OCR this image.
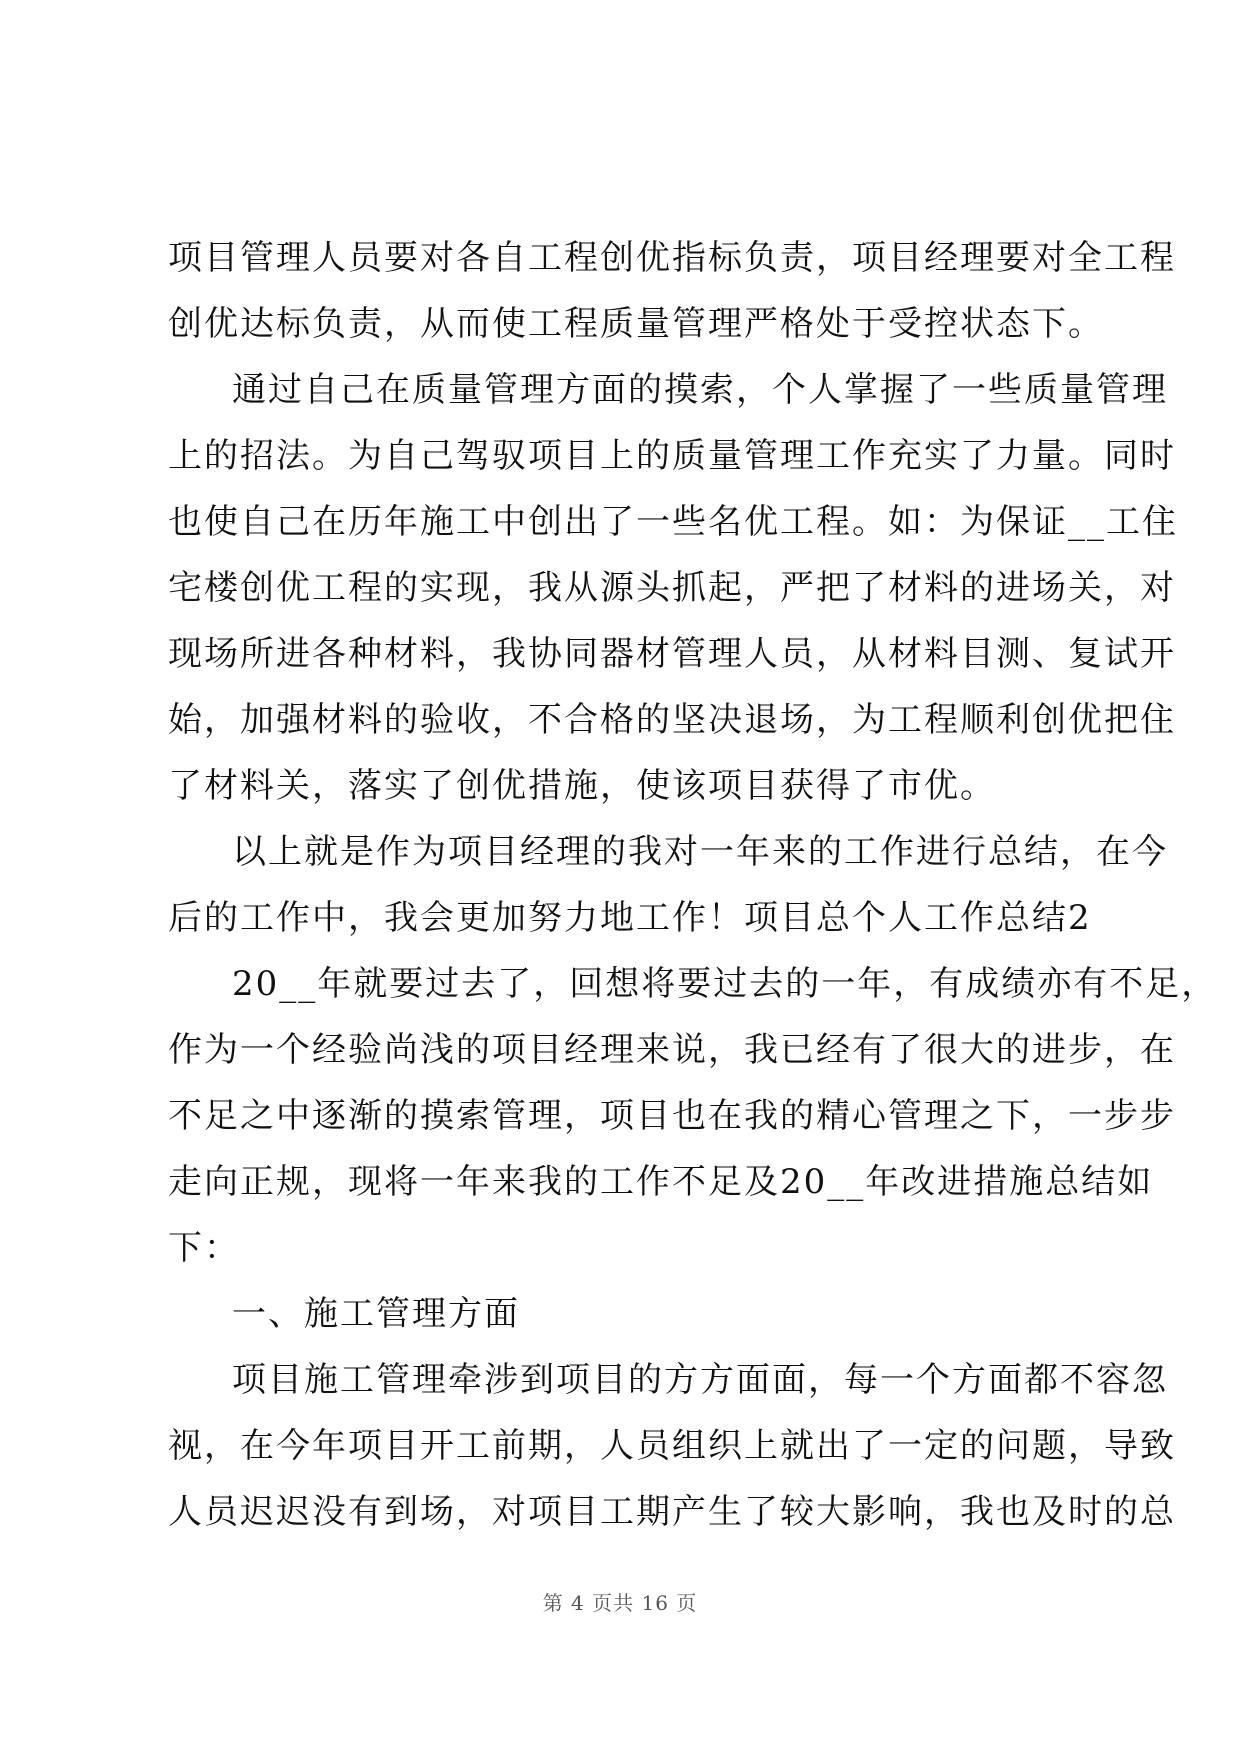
项目管理人员要对各自工程创优指标负责，项目经理要对全工程
创优达标负责，从而使工程质量管理严格处于受控状态下。
通过自己在质量管理方面的摸索，个人掌握了一些质量管理
上的招法。为自己驾驭项目上的质量管理工作充实了力量。同时
也使自己在历年施工中创出了一些名优工程。如：为保证__工住
宅楼创优工程的实现，我从源头抓起，严把了材料的进场关，对
现场所进各种材料，我协同器材管理人员，从材料目测、复试开
始，加强材料的验收，不合格的坚决退场，为工程顺利创优把住
了材料关，落实了创优措施，使该项目获得了市优。
以上就是作为项目经理的我对一年来的工作进行总结，在今
后的工作中，我会更加努力地工作！项目总个人工作总结2
20__年就要过去了，回想将要过去的一年，有成绩亦有不足，
作为一个经验尚浅的项目经理来说，我已经有了很大的进步，在
不足之中逐渐的摸索管理，项目也在我的精心管理之下，一步步
走向正规，现将一年来我的工作不足及20__年改进措施总结如
下：
一、施工管理方面
项目施工管理牵涉到项目的方方面面，每一个方面都不容忽
视，在今年项目开工前期，人员组织上就出了一定的问题，导致
人员迟迟没有到场，对项目工期产生了较大影响，我也及时的总
第 4 页共 16 页
